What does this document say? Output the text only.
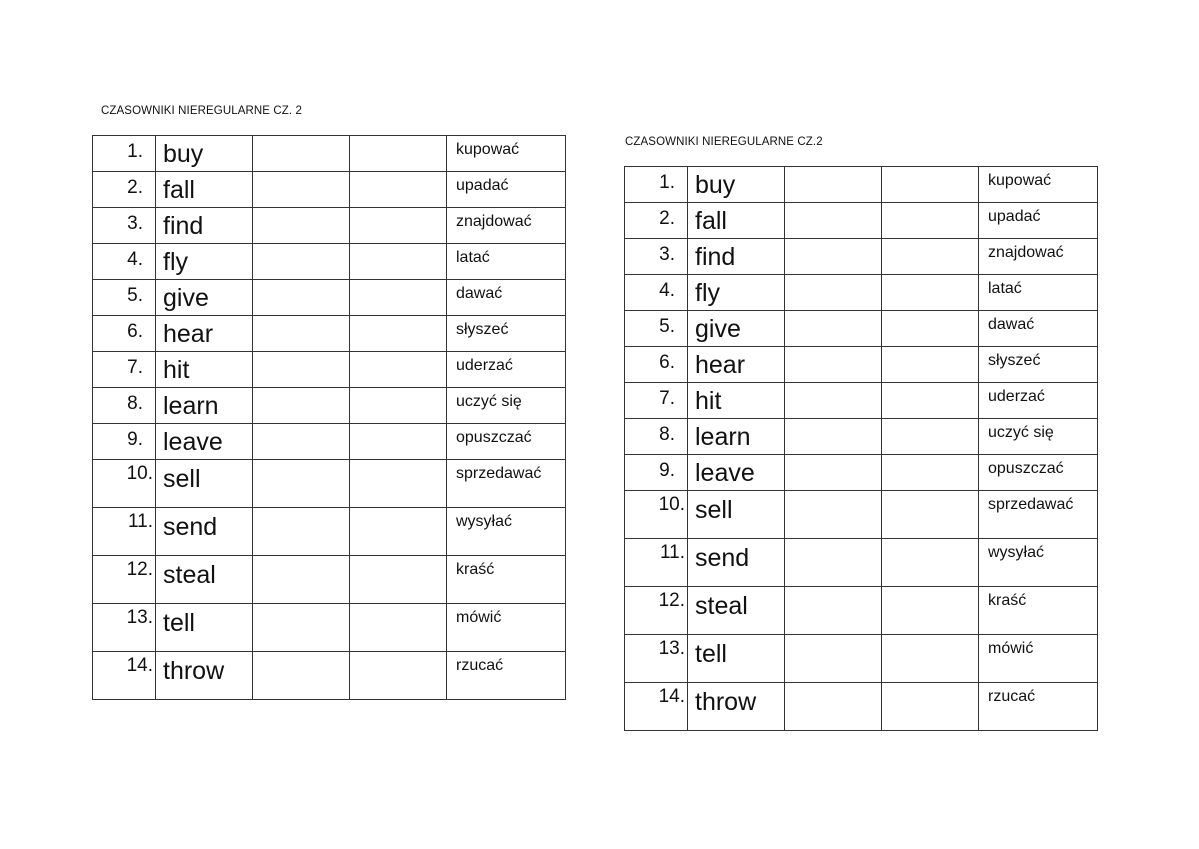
CZASOWNIKI NIEREGULARNE CZ. 2
1.	buy			kupować

2.	fall			upadać

3.	find			znajdować

4.	fly			latać

5.	give			dawać

6.	hear			słyszeć

7.	hit			uderzać

8.	learn			uczyć się

9.	leave			opuszczać

10.	sell			sprzedawać

11.	send			wysyłać

12.	steal			kraść

13.	tell			mówić

14.	throw			rzucać
CZASOWNIKI NIEREGULARNE CZ.2
1.	buy			kupować

2.	fall			upadać

3.	find			znajdować

4.	fly			latać

5.	give			dawać

6.	hear			słyszeć

7.	hit			uderzać

8.	learn			uczyć się

9.	leave			opuszczać

10.	sell			sprzedawać

11.	send			wysyłać

12.	steal			kraść

13.	tell			mówić

14.	throw			rzucać
